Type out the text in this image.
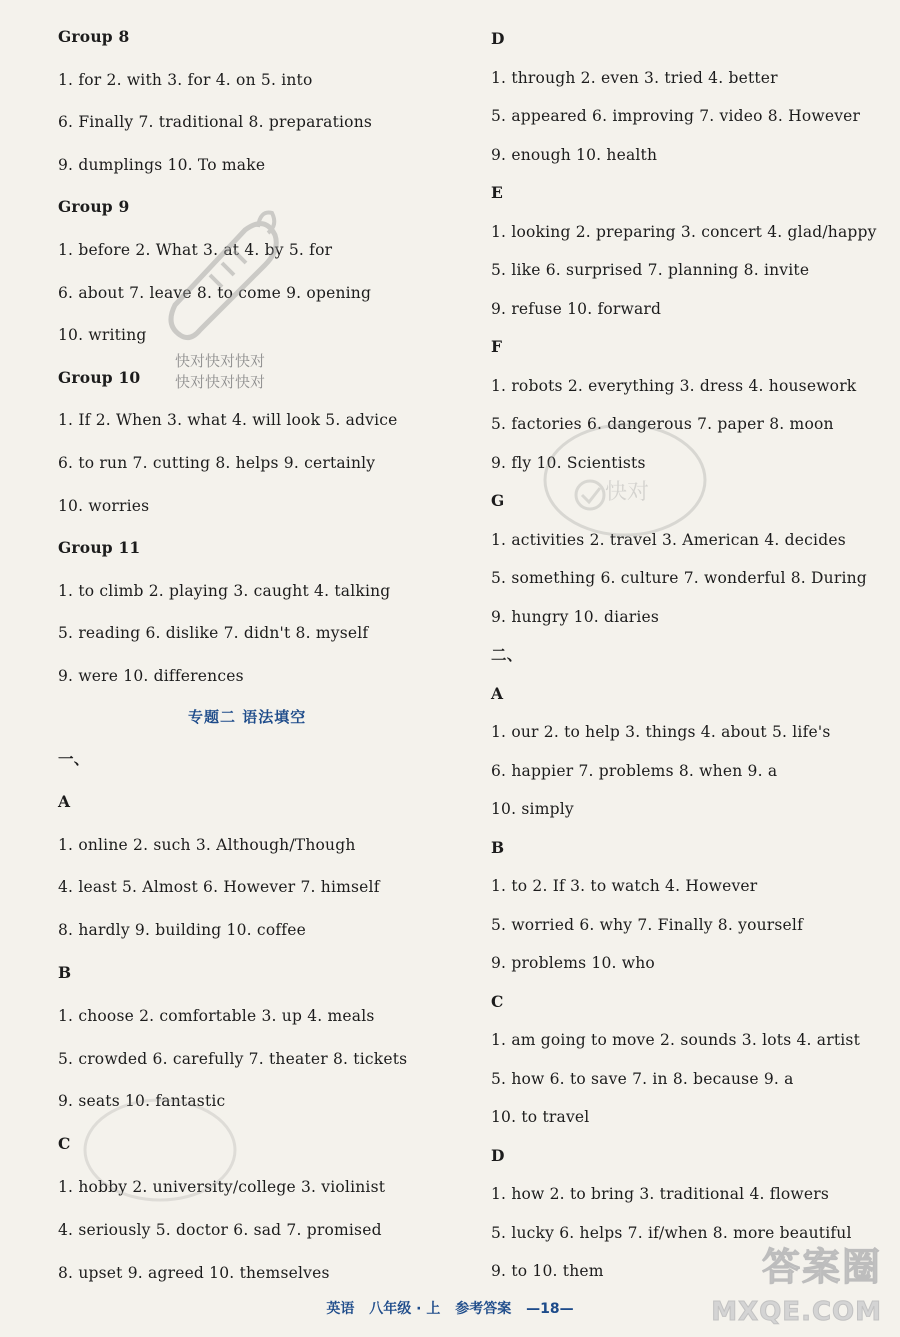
Group 8
1. for 2. with 3. for 4. on 5. into
6. Finally 7. traditional 8. preparations
9. dumplings 10. To make
Group 9
1. before 2. What 3. at 4. by 5. for
6. about 7. leave 8. to come 9. opening
10. writing
Group 10
1. If 2. When 3. what 4. will look 5. advice
6. to run 7. cutting 8. helps 9. certainly
10. worries
Group 11
1. to climb 2. playing 3. caught 4. talking
5. reading 6. dislike 7. didn't 8. myself
9. were 10. differences
一、
A
1. online 2. such 3. Although/Though
4. least 5. Almost 6. However 7. himself
8. hardly 9. building 10. coffee
B
1. choose 2. comfortable 3. up 4. meals
5. crowded 6. carefully 7. theater 8. tickets
9. seats 10. fantastic
C
1. hobby 2. university/college 3. violinist
4. seriously 5. doctor 6. sad 7. promised
8. upset 9. agreed 10. themselves
D
1. through 2. even 3. tried 4. better
5. appeared 6. improving 7. video 8. However
9. enough 10. health
E
1. looking 2. preparing 3. concert 4. glad/happy
5. like 6. surprised 7. planning 8. invite
9. refuse 10. forward
F
1. robots 2. everything 3. dress 4. housework
5. factories 6. dangerous 7. paper 8. moon
9. fly 10. Scientists
G
1. activities 2. travel 3. American 4. decides
5. something 6. culture 7. wonderful 8. During
9. hungry 10. diaries
二、
A
1. our 2. to help 3. things 4. about 5. life's
6. happier 7. problems 8. when 9. a
10. simply
B
1. to 2. If 3. to watch 4. However
5. worried 6. why 7. Finally 8. yourself
9. problems 10. who
C
1. am going to move 2. sounds 3. lots 4. artist
5. how 6. to save 7. in 8. because 9. a
10. to travel
D
1. how 2. to bring 3. traditional 4. flowers
5. lucky 6. helps 7. if/when 8. more beautiful
9. to 10. them
专题二 语法填空
快对快对快对
快对快对快对
快对
答案圈
MXQE.COM
英语 八年级 · 上 参考答案 —18—
